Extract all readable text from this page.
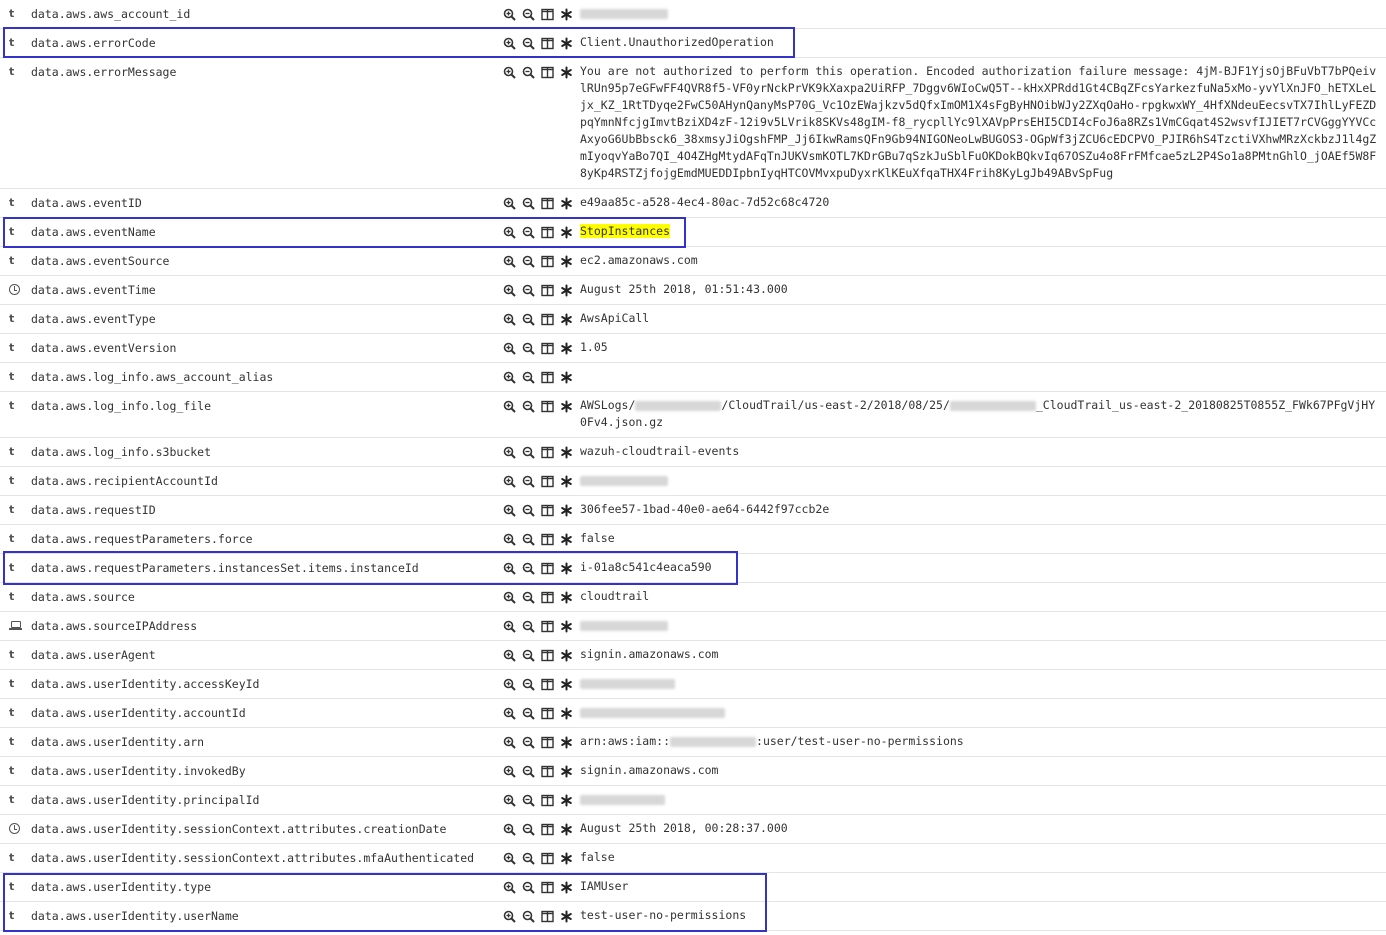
t	data.aws.aws_account_id
t	data.aws.errorCode	Client.UnauthorizedOperation
t	data.aws.errorMessage	You are not authorized to perform this operation. Encoded authorization failure message: 4jM-BJF1YjsOjBFuVbT7bPQeivlRUn95p7eGFwFF4QVR8f5-VF0yrNckPrVK9kXaxpa2UiRFP_7Dggv6WIoCwQ5T--kHxXPRdd1Gt4CBqZFcsYarkezfuNa5xMo-yvYlXnJFO_hETXLeLjx_KZ_1RtTDyqe2FwC50AHynQanyMsP70G_Vc1OzEWajkzv5dQfxImOM1X4sFgByHNOibWJy2ZXqOaHo-rpgkwxWY_4HfXNdeuEecsvTX7IhlLyFEZDpqYmnNfcjgImvtBziXD4zF-12i9v5LVrik8SKVs48gIM-f8_rycpllYc9lXAVpPrsEHI5CDI4cFoJ6a8RZs1VmCGqat4S2wsvfIJIET7rCVGggYYVCcAxyoG6UbBbsck6_38xmsyJiOgshFMP_Jj6IkwRamsQFn9Gb94NIGONeoLwBUGOS3-OGpWf3jZCU6cEDCPVO_PJIR6hS4TzctiVXhwMRzXckbzJ1l4gZmIyoqvYaBo7QI_4O4ZHgMtydAFqTnJUKVsmKOTL7KDrGBu7qSzkJuSblFuOKDokBQkvIq67OSZu4o8FrFMfcae5zL2P4So1a8PMtnGhlO_jOAEf5W8F8yKp4RSTZjfojgEmdMUEDDIpbnIyqHTCOVMvxpuDyxrKlKEuXfqaTHX4Frih8KyLgJb49ABvSpFug
t	data.aws.eventID	e49aa85c-a528-4ec4-80ac-7d52c68c4720
t	data.aws.eventName	StopInstances
t	data.aws.eventSource	ec2.amazonaws.com
data.aws.eventTime	August 25th 2018, 01:51:43.000
t	data.aws.eventType	AwsApiCall
t	data.aws.eventVersion	1.05
t	data.aws.log_info.aws_account_alias
t	data.aws.log_info.log_file	AWSLogs/	/CloudTrail/us-east-2/2018/08/25/	_CloudTrail_us-east-2_20180825T0855Z_FWk67PFgVjHY0Fv4.json.gz
t	data.aws.log_info.s3bucket	wazuh-cloudtrail-events
t	data.aws.recipientAccountId
t	data.aws.requestID	306fee57-1bad-40e0-ae64-6442f97ccb2e
t	data.aws.requestParameters.force	false
t	data.aws.requestParameters.instancesSet.items.instanceId	i-01a8c541c4eaca590
t	data.aws.source	cloudtrail
data.aws.sourceIPAddress
t	data.aws.userAgent	signin.amazonaws.com
t	data.aws.userIdentity.accessKeyId
t	data.aws.userIdentity.accountId
t	data.aws.userIdentity.arn	arn:aws:iam::	:user/test-user-no-permissions
t	data.aws.userIdentity.invokedBy	signin.amazonaws.com
t	data.aws.userIdentity.principalId
data.aws.userIdentity.sessionContext.attributes.creationDate	August 25th 2018, 00:28:37.000
t	data.aws.userIdentity.sessionContext.attributes.mfaAuthenticated	false
t	data.aws.userIdentity.type	IAMUser
t	data.aws.userIdentity.userName	test-user-no-permissions
